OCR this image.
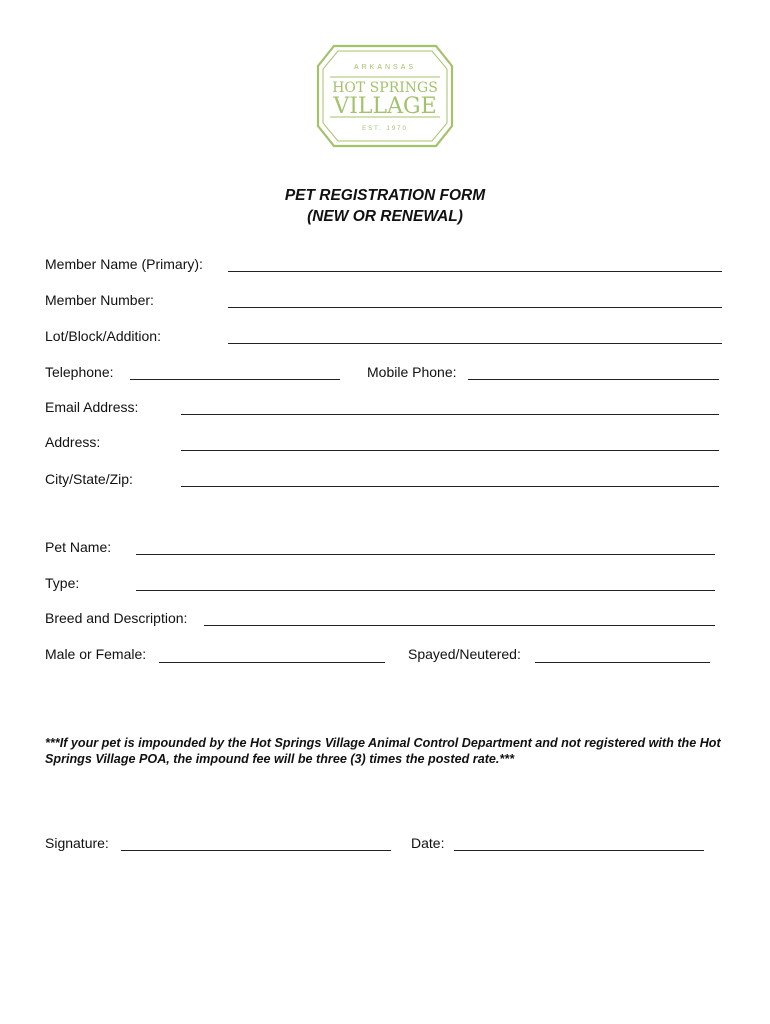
ARKANSAS
HOT SPRINGS
VILLAGE
EST. 1970
PET REGISTRATION FORM
(NEW OR RENEWAL)
Member Name (Primary):
Member Number:
Lot/Block/Addition:
Telephone:	Mobile Phone:
Email Address:
Address:
City/State/Zip:
Pet Name:
Type:
Breed and Description:
Male or Female:	Spayed/Neutered:
***If your pet is impounded by the Hot Springs Village Animal Control Department and not registered with the Hot Springs Village POA, the impound fee will be three (3) times the posted rate.***
Signature:	Date:
